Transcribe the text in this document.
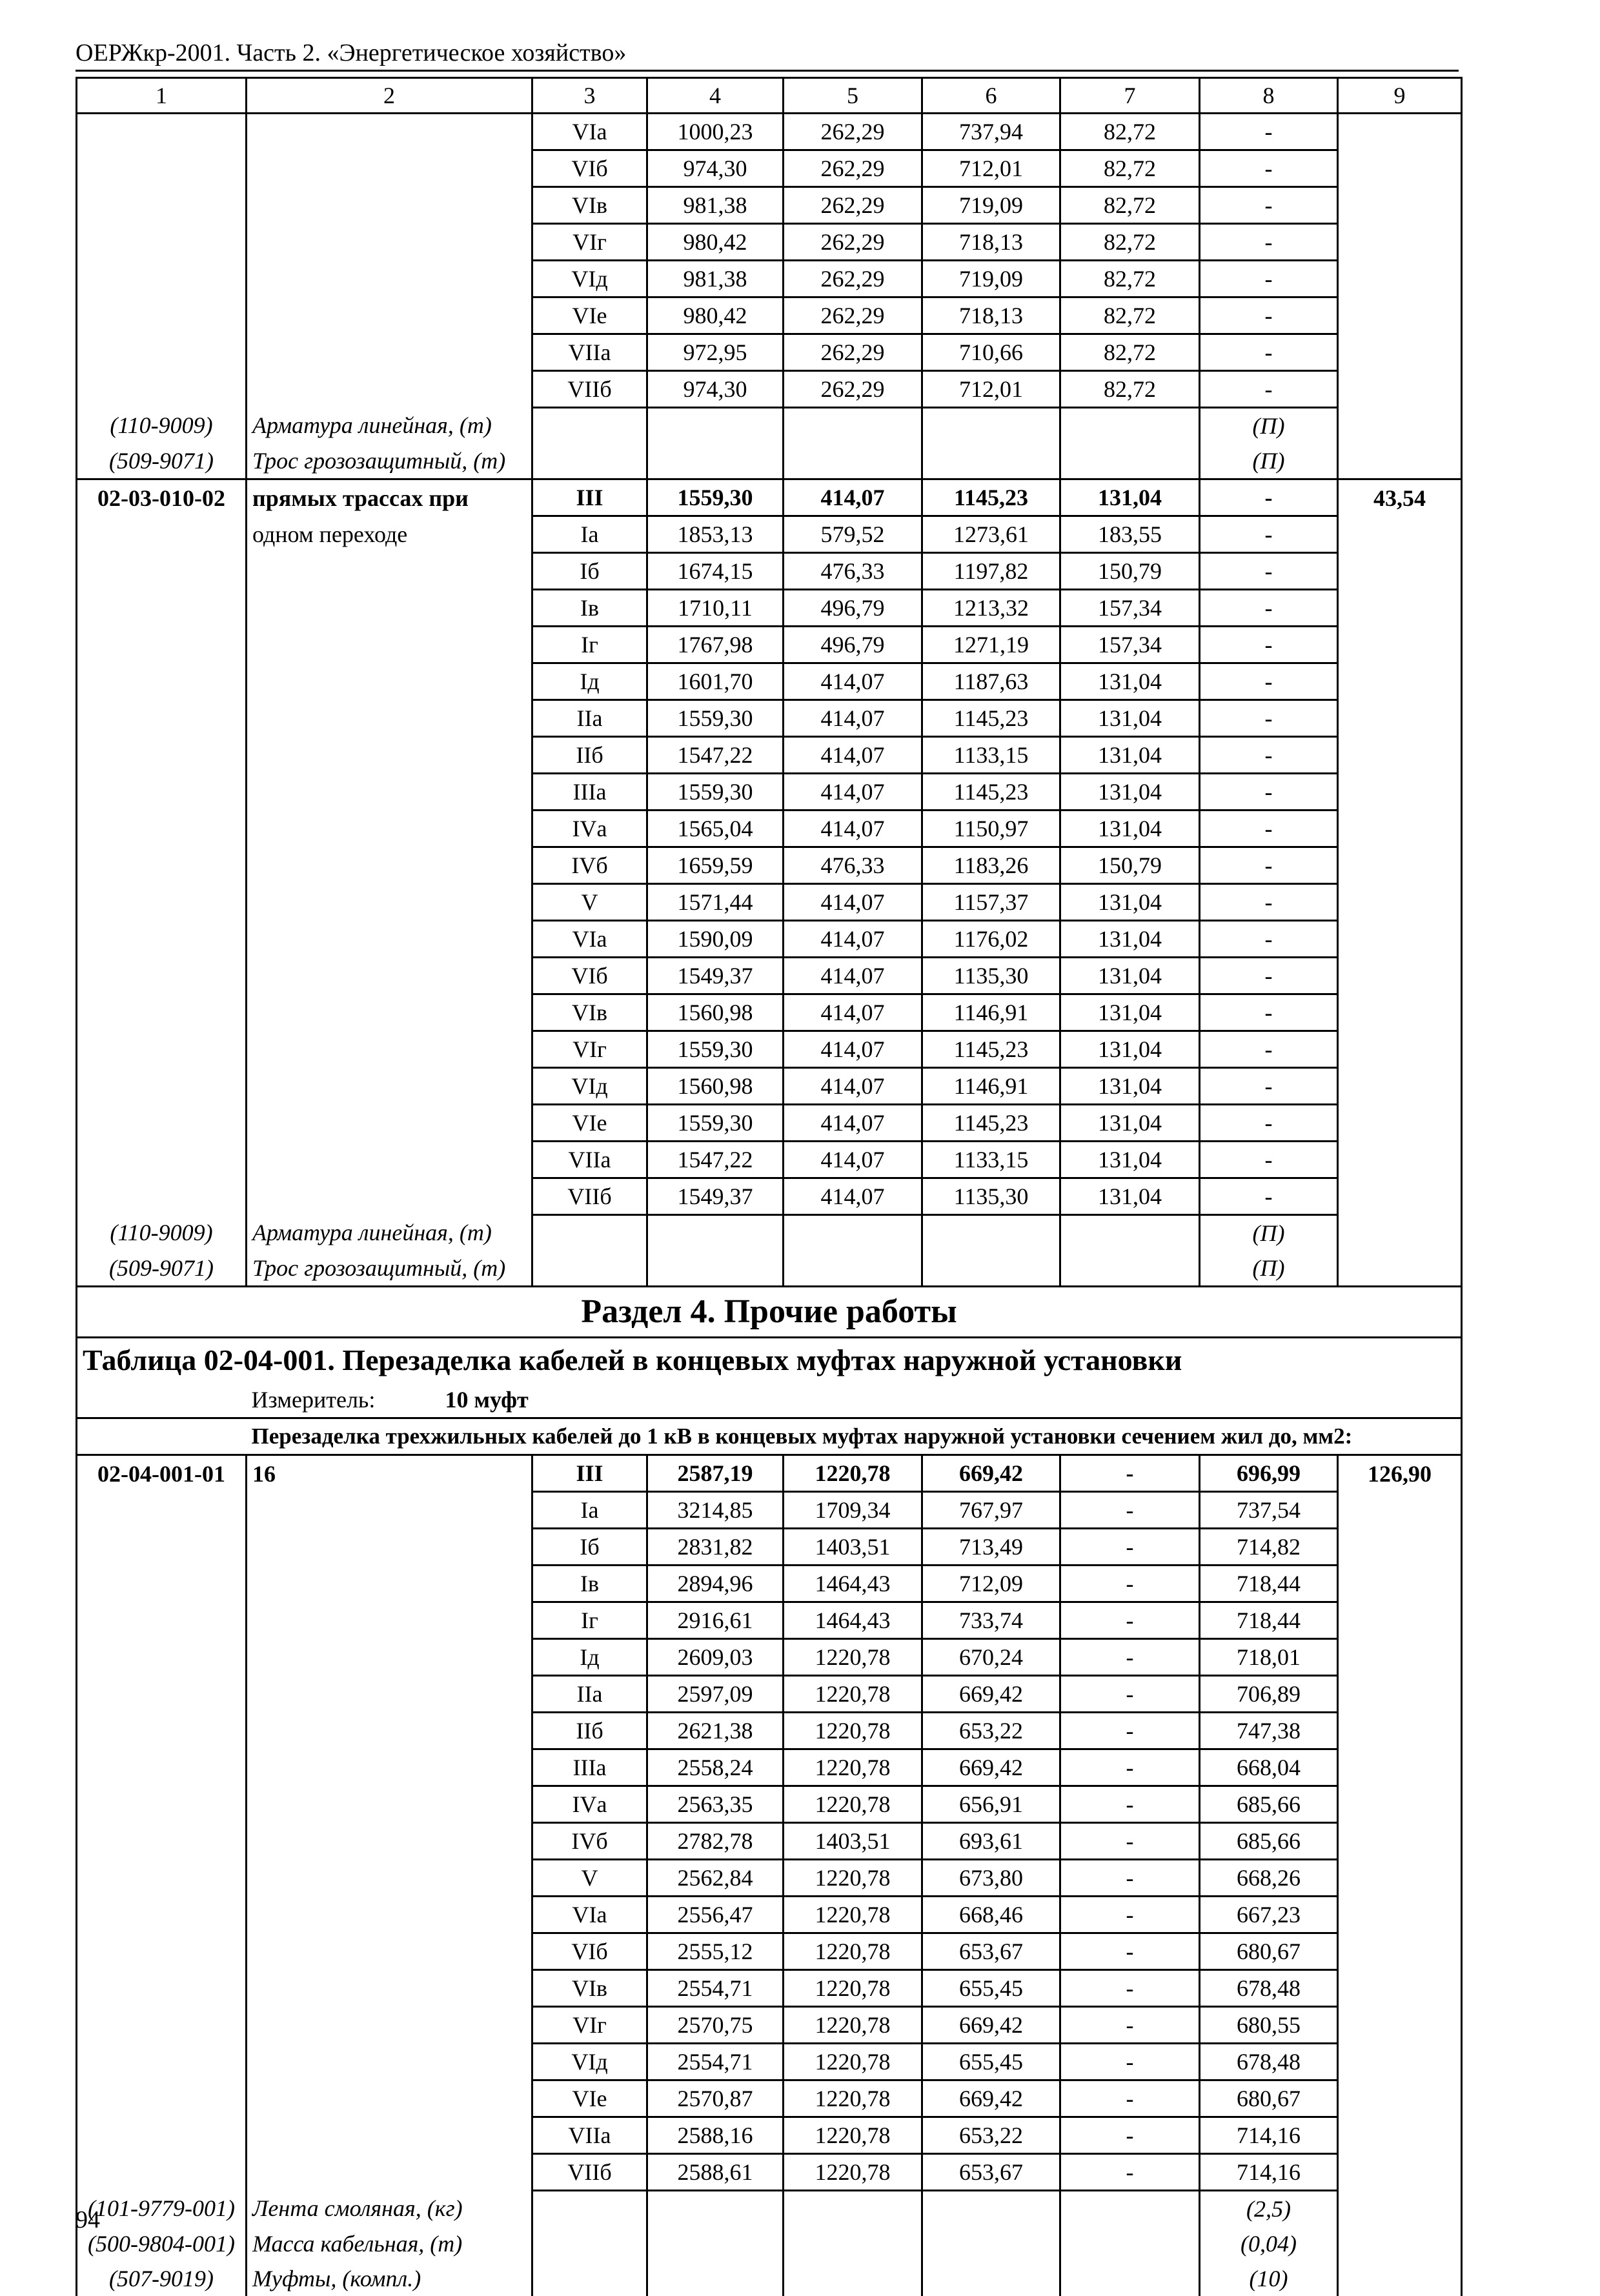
ОЕРЖкр-2001. Часть 2. «Энергетическое хозяйство»
1	2	3	4	5	6	7	8	9
		VIа	1000,23	262,29	737,94	82,72	-	
		VIб	974,30	262,29	712,01	82,72	-	
		VIв	981,38	262,29	719,09	82,72	-	
		VIг	980,42	262,29	718,13	82,72	-	
		VIд	981,38	262,29	719,09	82,72	-	
		VIе	980,42	262,29	718,13	82,72	-	
		VIIа	972,95	262,29	710,66	82,72	-	
		VIIб	974,30	262,29	712,01	82,72	-	
(110-9009)	Арматура линейная, (т)						(П)	
(509-9071)	Трос грозозащитный, (т)						(П)	
02-03-010-02	прямых трассах при	III	1559,30	414,07	1145,23	131,04	-	43,54
	одном переходе	Iа	1853,13	579,52	1273,61	183,55	-	
		Iб	1674,15	476,33	1197,82	150,79	-	
		Iв	1710,11	496,79	1213,32	157,34	-	
		Iг	1767,98	496,79	1271,19	157,34	-	
		Iд	1601,70	414,07	1187,63	131,04	-	
		IIа	1559,30	414,07	1145,23	131,04	-	
		IIб	1547,22	414,07	1133,15	131,04	-	
		IIIа	1559,30	414,07	1145,23	131,04	-	
		IVа	1565,04	414,07	1150,97	131,04	-	
		IVб	1659,59	476,33	1183,26	150,79	-	
		V	1571,44	414,07	1157,37	131,04	-	
		VIа	1590,09	414,07	1176,02	131,04	-	
		VIб	1549,37	414,07	1135,30	131,04	-	
		VIв	1560,98	414,07	1146,91	131,04	-	
		VIг	1559,30	414,07	1145,23	131,04	-	
		VIд	1560,98	414,07	1146,91	131,04	-	
		VIе	1559,30	414,07	1145,23	131,04	-	
		VIIа	1547,22	414,07	1133,15	131,04	-	
		VIIб	1549,37	414,07	1135,30	131,04	-	
(110-9009)	Арматура линейная, (т)						(П)	
(509-9071)	Трос грозозащитный, (т)						(П)	
Раздел 4. Прочие работы								
Таблица 02-04-001. Перезаделка кабелей в концевых муфтах наружной установки								
	Измеритель: 10 муфт							
	Перезаделка трехжильных кабелей до 1 кВ в концевых муфтах наружной установки сечением жил до, мм2:							
02-04-001-01	16	III	2587,19	1220,78	669,42	-	696,99	126,90
		Iа	3214,85	1709,34	767,97	-	737,54	
		Iб	2831,82	1403,51	713,49	-	714,82	
		Iв	2894,96	1464,43	712,09	-	718,44	
		Iг	2916,61	1464,43	733,74	-	718,44	
		Iд	2609,03	1220,78	670,24	-	718,01	
		IIа	2597,09	1220,78	669,42	-	706,89	
		IIб	2621,38	1220,78	653,22	-	747,38	
		IIIа	2558,24	1220,78	669,42	-	668,04	
		IVа	2563,35	1220,78	656,91	-	685,66	
		IVб	2782,78	1403,51	693,61	-	685,66	
		V	2562,84	1220,78	673,80	-	668,26	
		VIа	2556,47	1220,78	668,46	-	667,23	
		VIб	2555,12	1220,78	653,67	-	680,67	
		VIв	2554,71	1220,78	655,45	-	678,48	
		VIг	2570,75	1220,78	669,42	-	680,55	
		VIд	2554,71	1220,78	655,45	-	678,48	
		VIе	2570,87	1220,78	669,42	-	680,67	
		VIIа	2588,16	1220,78	653,22	-	714,16	
		VIIб	2588,61	1220,78	653,67	-	714,16	
(101-9779-001)	Лента смоляная, (кг)						(2,5)	
(500-9804-001)	Масса кабельная, (т)						(0,04)	
(507-9019)	Муфты, (компл.)						(10)	
94
